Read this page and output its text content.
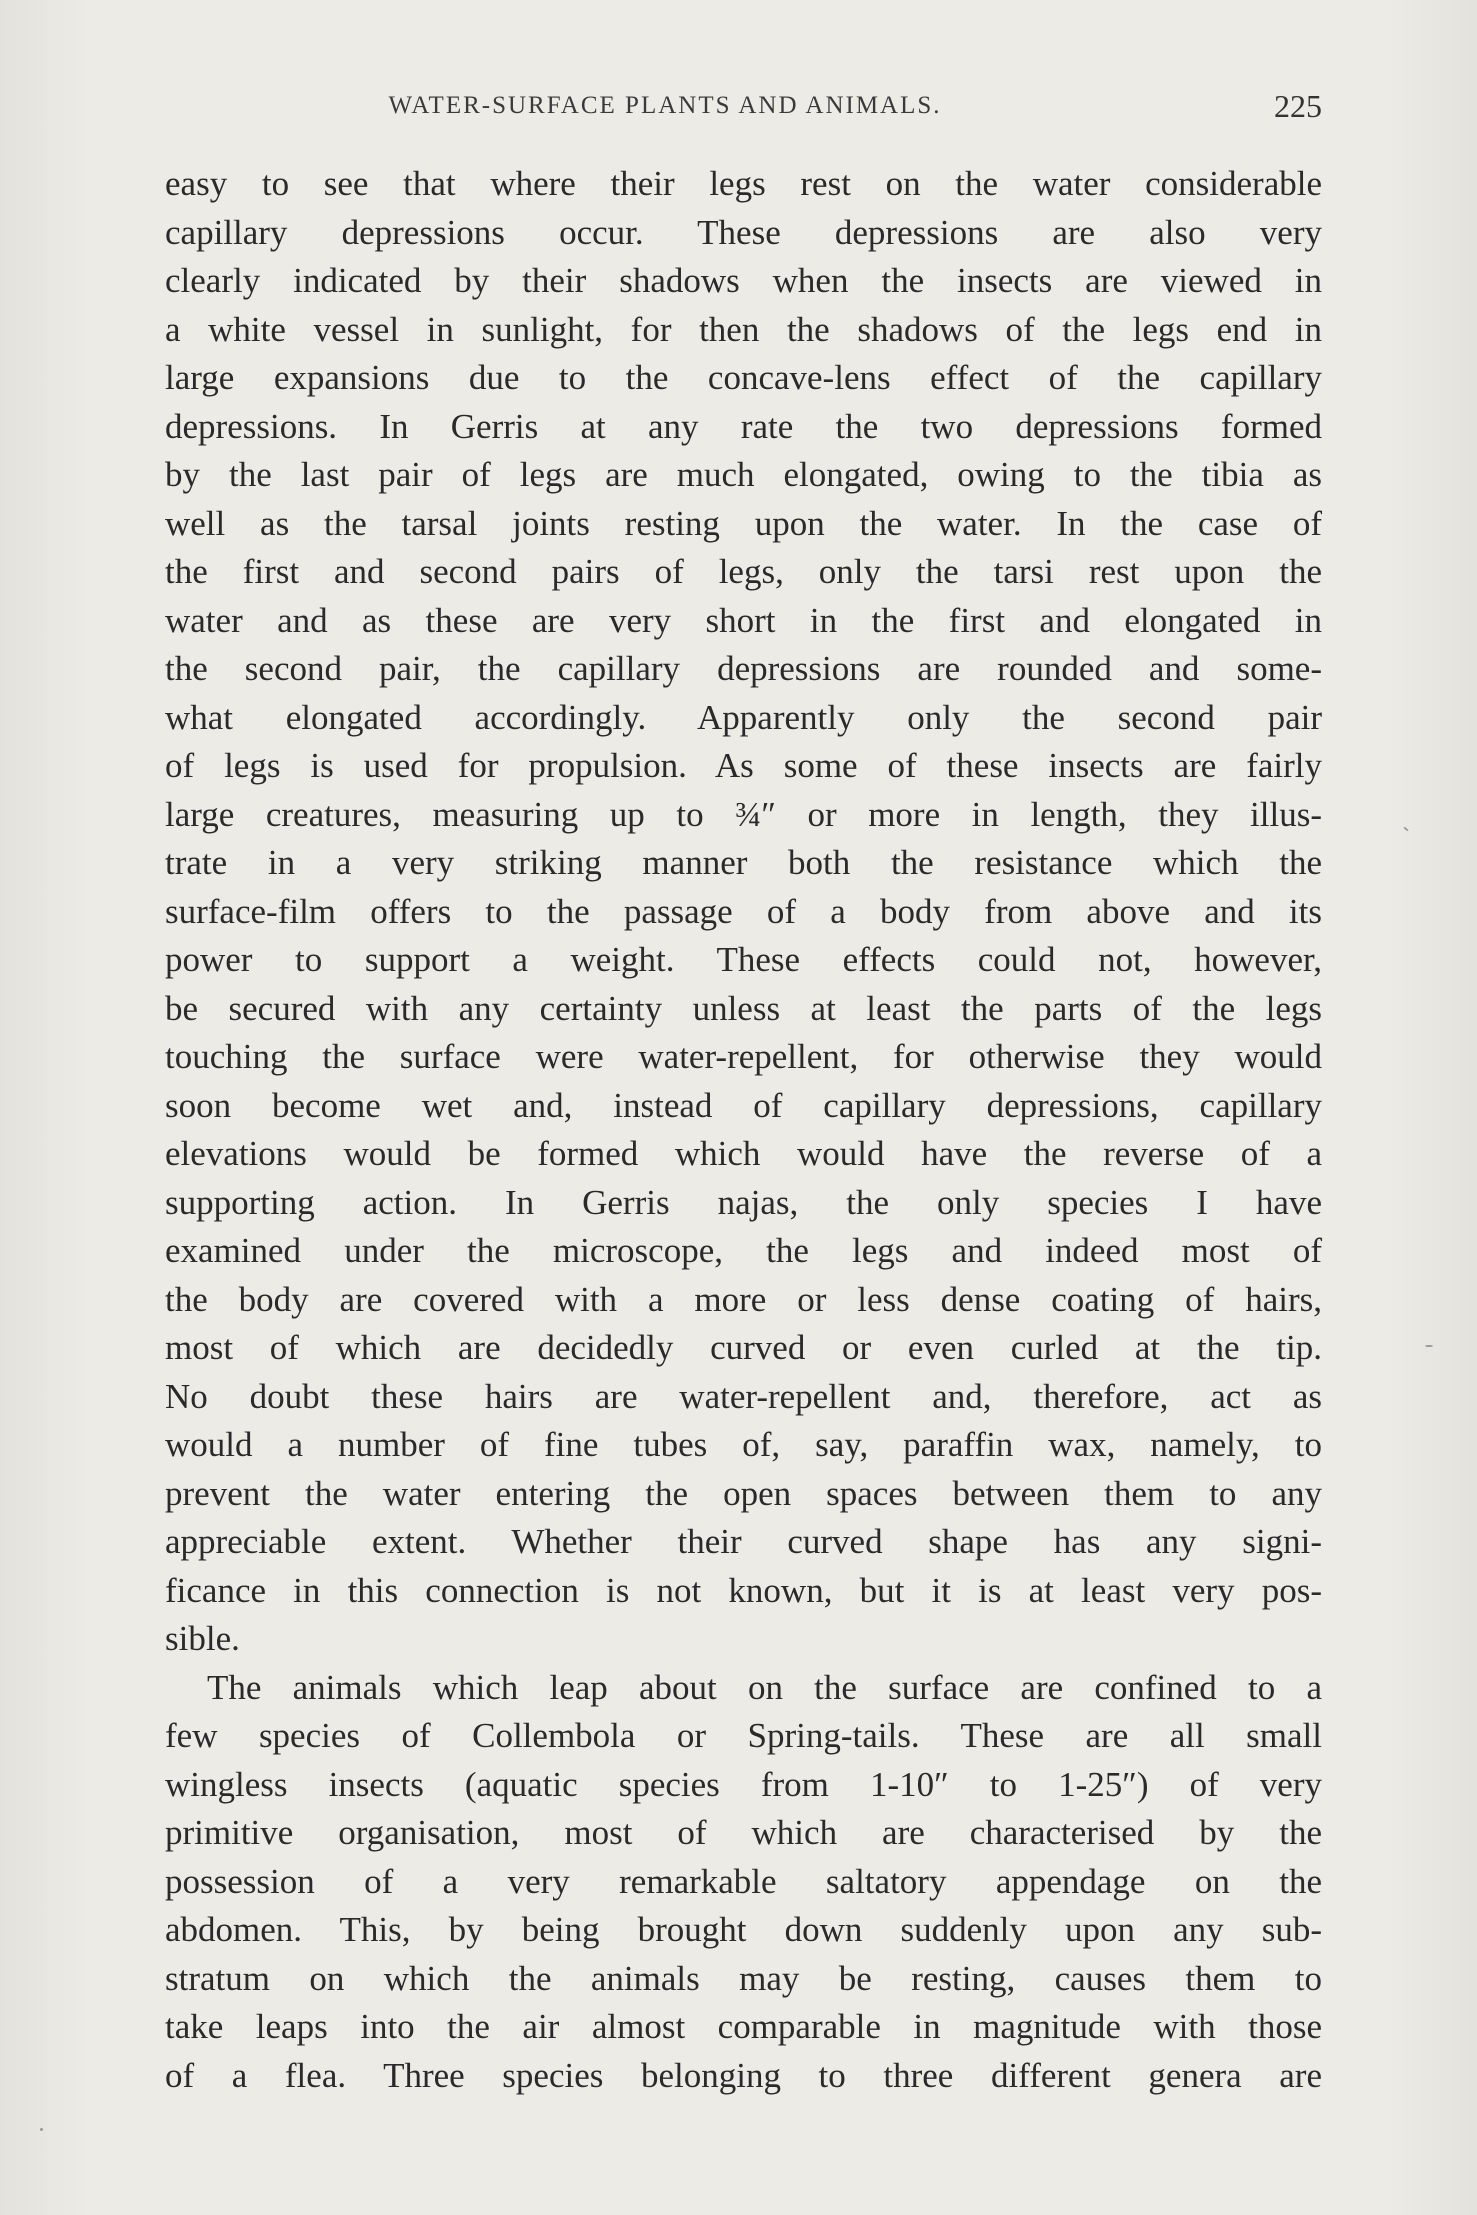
WATER-SURFACE PLANTS AND ANIMALS.	225
easy to see that where their legs rest on the water considerable
capillary depressions occur. These depressions are also very
clearly indicated by their shadows when the insects are viewed in
a white vessel in sunlight, for then the shadows of the legs end in
large expansions due to the concave-lens effect of the capillary
depressions. In Gerris at any rate the two depressions formed
by the last pair of legs are much elongated, owing to the tibia as
well as the tarsal joints resting upon the water. In the case of
the first and second pairs of legs, only the tarsi rest upon the
water and as these are very short in the first and elongated in
the second pair, the capillary depressions are rounded and some-
what elongated accordingly. Apparently only the second pair
of legs is used for propulsion. As some of these insects are fairly
large creatures, measuring up to ¾″ or more in length, they illus-
trate in a very striking manner both the resistance which the
surface-film offers to the passage of a body from above and its
power to support a weight. These effects could not, however,
be secured with any certainty unless at least the parts of the legs
touching the surface were water-repellent, for otherwise they would
soon become wet and, instead of capillary depressions, capillary
elevations would be formed which would have the reverse of a
supporting action. In Gerris najas, the only species I have
examined under the microscope, the legs and indeed most of
the body are covered with a more or less dense coating of hairs,
most of which are decidedly curved or even curled at the tip.
No doubt these hairs are water-repellent and, therefore, act as
would a number of fine tubes of, say, paraffin wax, namely, to
prevent the water entering the open spaces between them to any
appreciable extent. Whether their curved shape has any signi-
ficance in this connection is not known, but it is at least very pos-
sible.
The animals which leap about on the surface are confined to a
few species of Collembola or Spring-tails. These are all small
wingless insects (aquatic species from 1-10″ to 1-25″) of very
primitive organisation, most of which are characterised by the
possession of a very remarkable saltatory appendage on the
abdomen. This, by being brought down suddenly upon any sub-
stratum on which the animals may be resting, causes them to
take leaps into the air almost comparable in magnitude with those
of a flea. Three species belonging to three different genera are
